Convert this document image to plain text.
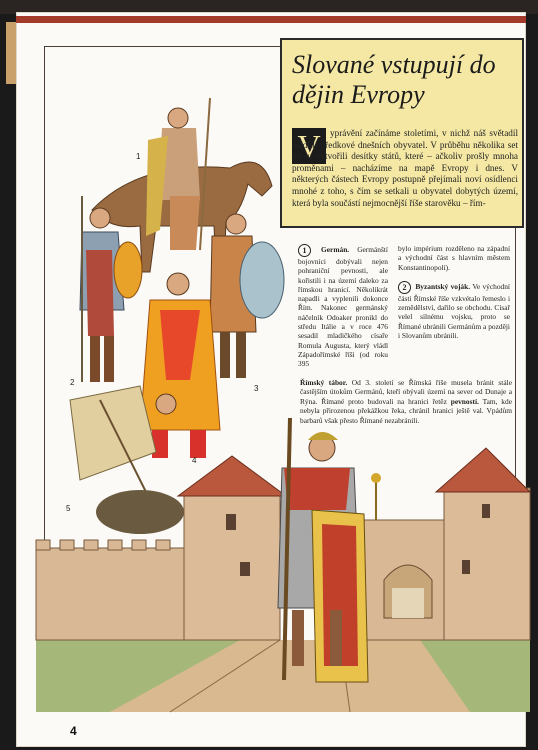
1
2
3
4
5
Slované vstupují do dějin Evropy
V	yprávění začínáme stoletími, v nichž náš světadíl osídlili předkové dnešních obyvatel. V průběhu několika set let tu vytvořili desítky států, které – ačkoliv prošly mnoha proměnami – nacházíme na mapě Evropy i dnes. V některých částech Evropy postupně přejímali noví osídlenci mnohé z toho, s čím se setkali u obyvatel dobytých území, která byla součástí nejmocnější říše starověku – řím-
1 Germán. Germánští bojovníci dobývali nejen pohraniční pevnosti, ale kořistili i na území daleko za římskou hranicí. Několikrát napadli a vyplenili dokonce Řím. Nakonec germánský náčelník Odoaker pronikl do středu Itálie a v roce 476 sesadil mladičkého císaře Romula Augusta, který vládl Západořímské říši (od roku 395
bylo impérium rozděleno na západní a východní část s hlavním městem Konstantinopolí).
2 Byzantský voják. Ve východní části Římské říše vzkvétalo řemeslo i zemědělství, dařilo se obchodu. Císař velel silnému vojsku, proto se Římané ubránili Germánům a později i Slovanům ubránili.
Římský tábor. Od 3. století se Římská říše musela bránit stále častějším útokům Germánů, kteří obývali území na sever od Dunaje a Rýna. Římané proto budovali na hranici řetěz pevností. Tam, kde nebyla přirozenou překážkou řeka, chránil hranici ještě val. Vpádům barbarů však přesto Římané nezabránili.
4
